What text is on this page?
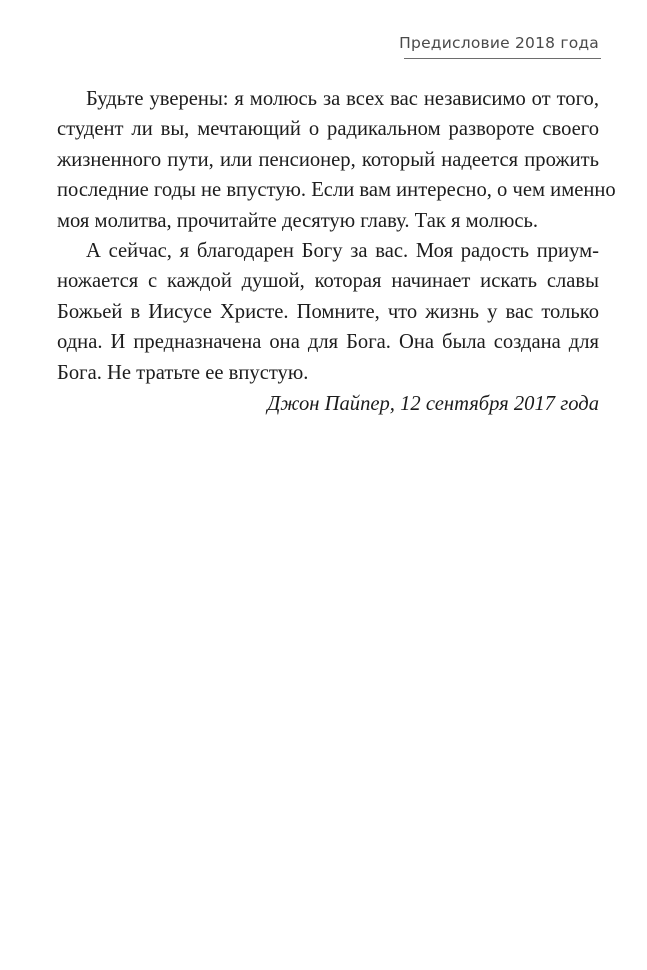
Предисловие 2018 года
Будьте уверены: я молюсь за всех вас независимо от того,
студент ли вы, мечтающий о радикальном развороте своего
жизненного пути, или пенсионер, который надеется прожить
последние годы не впустую. Если вам интересно, о чем именно
моя молитва, прочитайте десятую главу. Так я молюсь.
А сейчас, я благодарен Богу за вас. Моя радость приум-
ножается с каждой душой, которая начинает искать славы
Божьей в Иисусе Христе. Помните, что жизнь у вас только
одна. И предназначена она для Бога. Она была создана для
Бога. Не тратьте ее впустую.
Джон Пайпер, 12 сентября 2017 года
